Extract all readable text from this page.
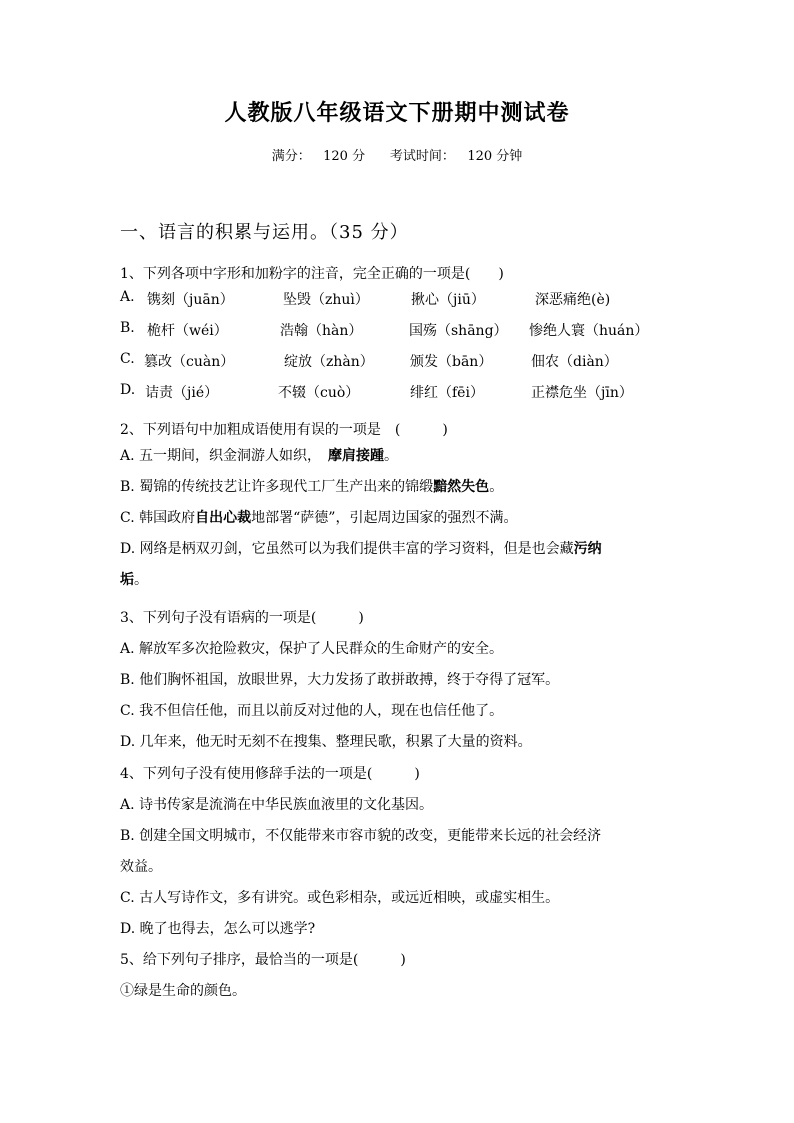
人教版八年级语文下册期中测试卷
满分： 120 分 考试时间： 120 分钟
一、语言的积累与运用。（35 分）
1、下列各项中字形和加粉字的注音，完全正确的一项是(　　)
A. 镌刻（juān）	坠毁（zhuì）	揪心（jiū）	深恶痛绝(è)
B. 桅杆（wéi）	浩翰（hàn）	国殇（shāng） 惨绝人寰（huán）
C. 篡改（cuàn）	绽放（zhàn）	颁发（bān）	佃农（diàn）
D. 诘责（jié）	不辍（cuò）	绯红（fēi）	正襟危坐（jīn）
2、下列语句中加粗成语使用有误的一项是　(　　　)
A. 五一期间，织金洞游人如织，　摩肩接踵。
B. 蜀锦的传统技艺让许多现代工厂生产出来的锦缎黯然失色。
C. 韩国政府自出心裁地部署“萨德”，引起周边国家的强烈不满。
D. 网络是柄双刃剑，它虽然可以为我们提供丰富的学习资料，但是也会藏污纳
垢。
3、下列句子没有语病的一项是(　　　)
A. 解放军多次抢险救灾，保护了人民群众的生命财产的安全。
B. 他们胸怀祖国，放眼世界，大力发扬了敢拼敢搏，终于夺得了冠军。
C. 我不但信任他，而且以前反对过他的人，现在也信任他了。
D. 几年来，他无时无刻不在搜集、整理民歌，积累了大量的资料。
4、下列句子没有使用修辞手法的一项是(　　　)
A. 诗书传家是流淌在中华民族血液里的文化基因。
B. 创建全国文明城市，不仅能带来市容市貌的改变，更能带来长远的社会经济
效益。
C. 古人写诗作文，多有讲究。或色彩相杂，或远近相映，或虚实相生。
D. 晚了也得去，怎么可以逃学?
5、给下列句子排序，最恰当的一项是(　　　)
①绿是生命的颜色。
